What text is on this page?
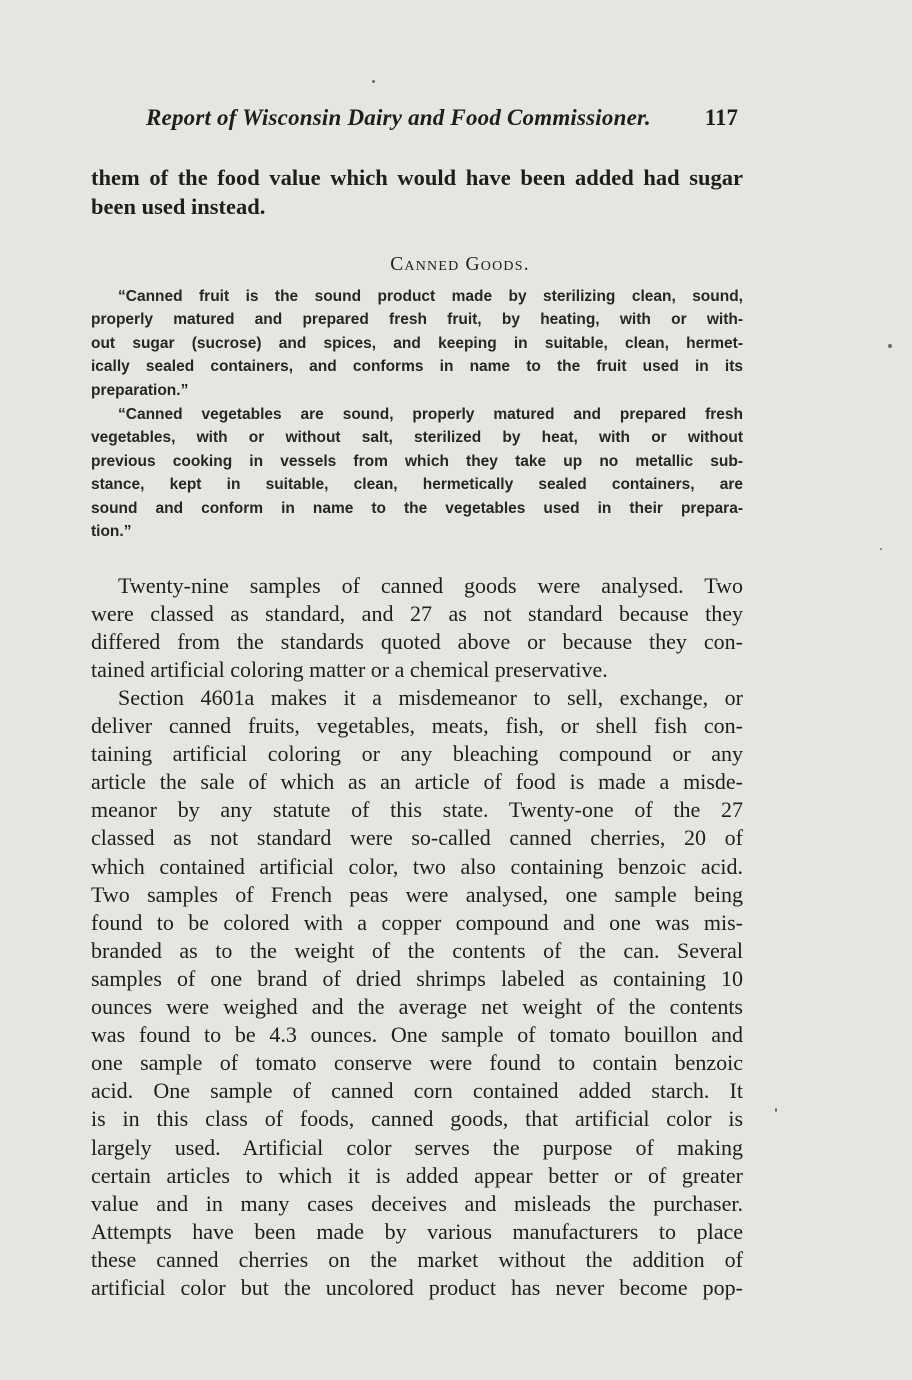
Report of Wisconsin Dairy and Food Commissioner. 117
them of the food value which would have been added had sugar
been used instead.
Canned Goods.
“Canned fruit is the sound product made by sterilizing clean, sound,
properly matured and prepared fresh fruit, by heating, with or with-
out sugar (sucrose) and spices, and keeping in suitable, clean, hermet-
ically sealed containers, and conforms in name to the fruit used in its
preparation.”
“Canned vegetables are sound, properly matured and prepared fresh
vegetables, with or without salt, sterilized by heat, with or without
previous cooking in vessels from which they take up no metallic sub-
stance, kept in suitable, clean, hermetically sealed containers, are
sound and conform in name to the vegetables used in their prepara-
tion.”
Twenty-nine samples of canned goods were analysed. Two
were classed as standard, and 27 as not standard because they
differed from the standards quoted above or because they con-
tained artificial coloring matter or a chemical preservative.
Section 4601a makes it a misdemeanor to sell, exchange, or
deliver canned fruits, vegetables, meats, fish, or shell fish con-
taining artificial coloring or any bleaching compound or any
article the sale of which as an article of food is made a misde-
meanor by any statute of this state. Twenty-one of the 27
classed as not standard were so-called canned cherries, 20 of
which contained artificial color, two also containing benzoic acid.
Two samples of French peas were analysed, one sample being
found to be colored with a copper compound and one was mis-
branded as to the weight of the contents of the can. Several
samples of one brand of dried shrimps labeled as containing 10
ounces were weighed and the average net weight of the contents
was found to be 4.3 ounces. One sample of tomato bouillon and
one sample of tomato conserve were found to contain benzoic
acid. One sample of canned corn contained added starch. It
is in this class of foods, canned goods, that artificial color is
largely used. Artificial color serves the purpose of making
certain articles to which it is added appear better or of greater
value and in many cases deceives and misleads the purchaser.
Attempts have been made by various manufacturers to place
these canned cherries on the market without the addition of
artificial color but the uncolored product has never become pop-
